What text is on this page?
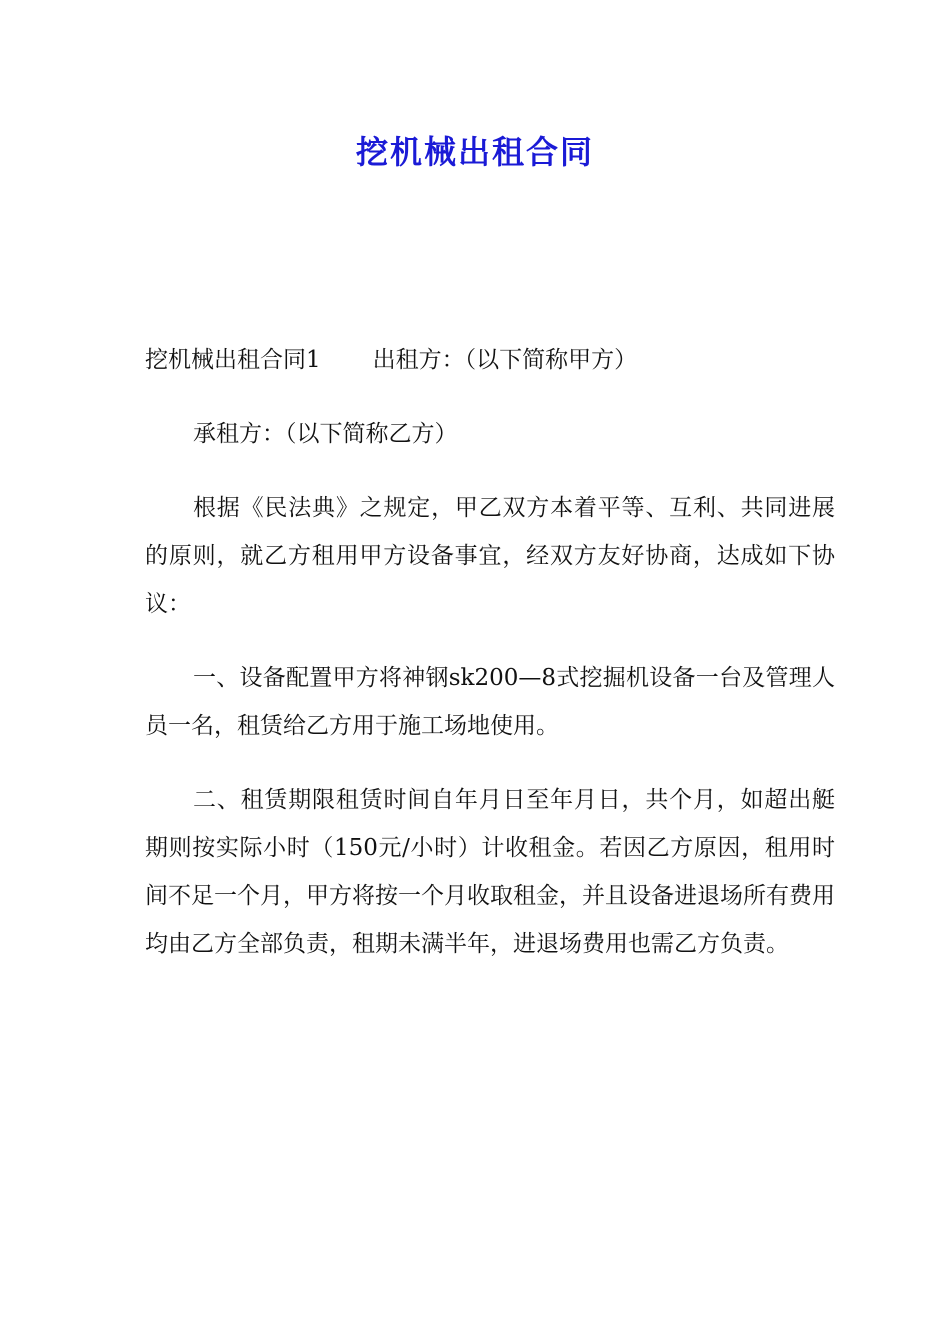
挖机械出租合同

挖机械出租合同1 出租方：（以下简称甲方）

承租方：（以下简称乙方）

根据《民法典》之规定，甲乙双方本着平等、互利、共同进展的原则，就乙方租用甲方设备事宜，经双方友好协商，达成如下协议：

一、设备配置甲方将神钢sk200—8式挖掘机设备一台及管理人员一名，租赁给乙方用于施工场地使用。

二、租赁期限租赁时间自年月日至年月日，共个月，如超出艇期则按实际小时（150元/小时）计收租金。若因乙方原因，租用时间不足一个月，甲方将按一个月收取租金，并且设备进退场所有费用均由乙方全部负责，租期未满半年，进退场费用也需乙方负责。
